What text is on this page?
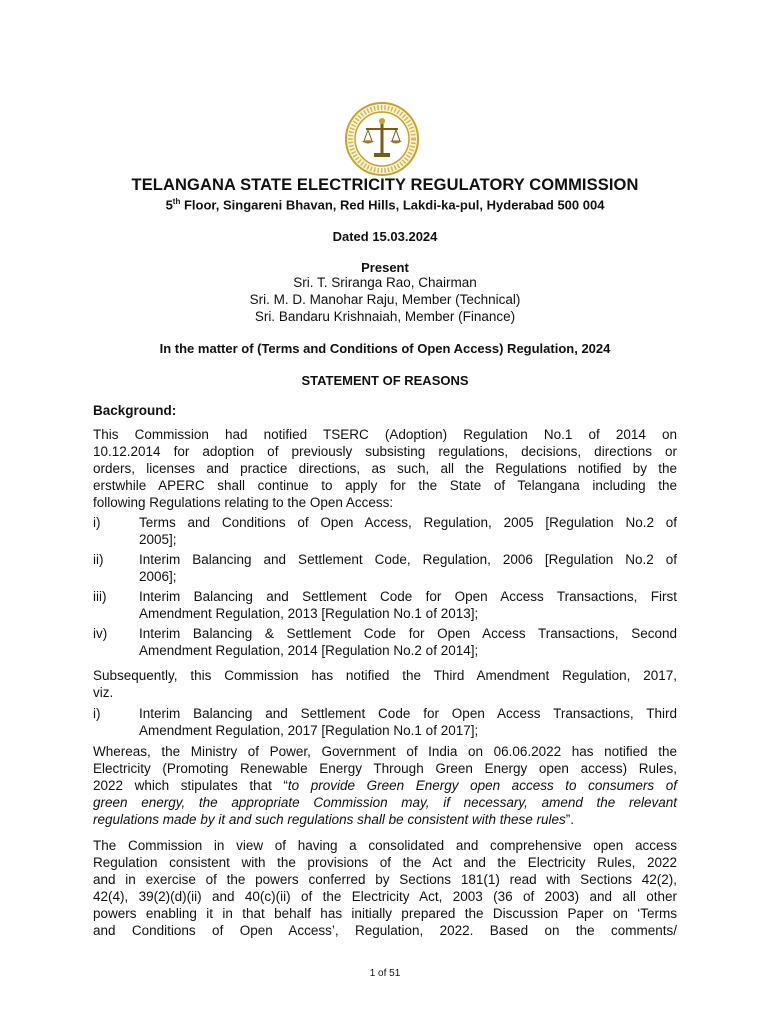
TELANGANA STATE ELECTRICITY REGULATORY COMMISSION
5th Floor, Singareni Bhavan, Red Hills, Lakdi-ka-pul, Hyderabad 500 004
Dated 15.03.2024
Present
Sri. T. Sriranga Rao, Chairman
Sri. M. D. Manohar Raju, Member (Technical)
Sri. Bandaru Krishnaiah, Member (Finance)
In the matter of (Terms and Conditions of Open Access) Regulation, 2024
STATEMENT OF REASONS
Background:
This Commission had notified TSERC (Adoption) Regulation No.1 of 2014 on
10.12.2014 for adoption of previously subsisting regulations, decisions, directions or
orders, licenses and practice directions, as such, all the Regulations notified by the
erstwhile APERC shall continue to apply for the State of Telangana including the
following Regulations relating to the Open Access:
i)	Terms and Conditions of Open Access, Regulation, 2005 [Regulation No.2 of
2005];
ii)	Interim Balancing and Settlement Code, Regulation, 2006 [Regulation No.2 of
2006];
iii) Interim Balancing and Settlement Code for Open Access Transactions, First
Amendment Regulation, 2013 [Regulation No.1 of 2013];
iv) Interim Balancing & Settlement Code for Open Access Transactions, Second
Amendment Regulation, 2014 [Regulation No.2 of 2014];
Subsequently, this Commission has notified the Third Amendment Regulation, 2017,
viz.
i)	Interim Balancing and Settlement Code for Open Access Transactions, Third
Amendment Regulation, 2017 [Regulation No.1 of 2017];
Whereas, the Ministry of Power, Government of India on 06.06.2022 has notified the
Electricity (Promoting Renewable Energy Through Green Energy open access) Rules,
2022 which stipulates that “to provide Green Energy open access to consumers of
green energy, the appropriate Commission may, if necessary, amend the relevant
regulations made by it and such regulations shall be consistent with these rules”.
The Commission in view of having a consolidated and comprehensive open access
Regulation consistent with the provisions of the Act and the Electricity Rules, 2022
and in exercise of the powers conferred by Sections 181(1) read with Sections 42(2),
42(4), 39(2)(d)(ii) and 40(c)(ii) of the Electricity Act, 2003 (36 of 2003) and all other
powers enabling it in that behalf has initially prepared the Discussion Paper on ‘Terms
and Conditions of Open Access’, Regulation, 2022. Based on the comments/
1 of 51
